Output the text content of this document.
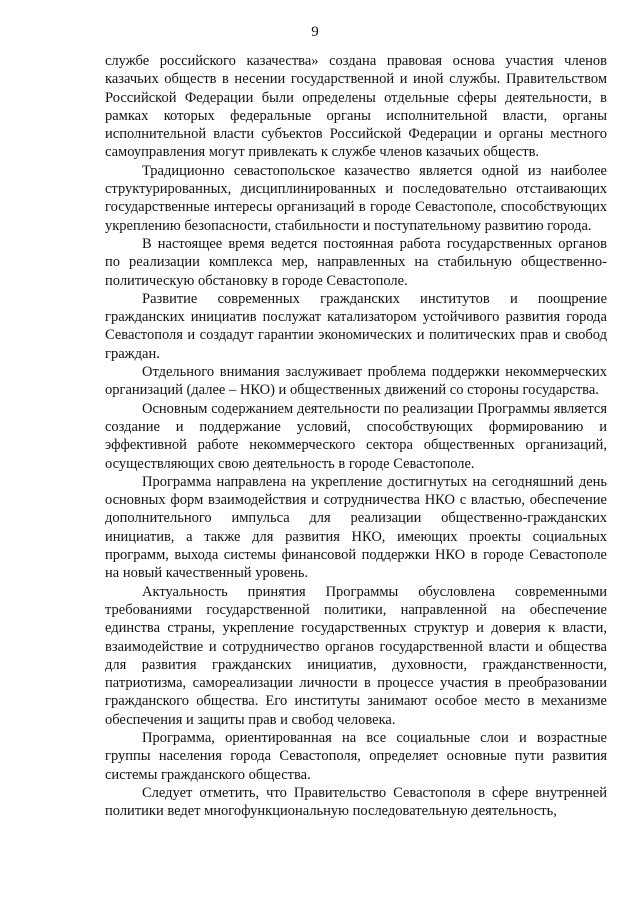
9

службе российского казачества» создана правовая основа участия членов казачьих обществ в несении государственной и иной службы. Правительством Российской Федерации были определены отдельные сферы деятельности, в рамках которых федеральные органы исполнительной власти, органы исполнительной власти субъектов Российской Федерации и органы местного самоуправления могут привлекать к службе членов казачьих обществ.

Традиционно севастопольское казачество является одной из наиболее структурированных, дисциплинированных и последовательно отстаивающих государственные интересы организаций в городе Севастополе, способствующих укреплению безопасности, стабильности и поступательному развитию города.

В настоящее время ведется постоянная работа государственных органов по реализации комплекса мер, направленных на стабильную общественно-политическую обстановку в городе Севастополе.

Развитие современных гражданских институтов и поощрение гражданских инициатив послужат катализатором устойчивого развития города Севастополя и создадут гарантии экономических и политических прав и свобод граждан.

Отдельного внимания заслуживает проблема поддержки некоммерческих организаций (далее – НКО) и общественных движений со стороны государства.

Основным содержанием деятельности по реализации Программы является создание и поддержание условий, способствующих формированию и эффективной работе некоммерческого сектора общественных организаций, осуществляющих свою деятельность в городе Севастополе.

Программа направлена на укрепление достигнутых на сегодняшний день основных форм взаимодействия и сотрудничества НКО с властью, обеспечение дополнительного импульса для реализации общественно-гражданских инициатив, а также для развития НКО, имеющих проекты социальных программ, выхода системы финансовой поддержки НКО в городе Севастополе на новый качественный уровень.

Актуальность принятия Программы обусловлена современными требованиями государственной политики, направленной на обеспечение единства страны, укрепление государственных структур и доверия к власти, взаимодействие и сотрудничество органов государственной власти и общества для развития гражданских инициатив, духовности, гражданственности, патриотизма, самореализации личности в процессе участия в преобразовании гражданского общества. Его институты занимают особое место в механизме обеспечения и защиты прав и свобод человека.

Программа, ориентированная на все социальные слои и возрастные группы населения города Севастополя, определяет основные пути развития системы гражданского общества.

Следует отметить, что Правительство Севастополя в сфере внутренней политики ведет многофункциональную последовательную деятельность,
